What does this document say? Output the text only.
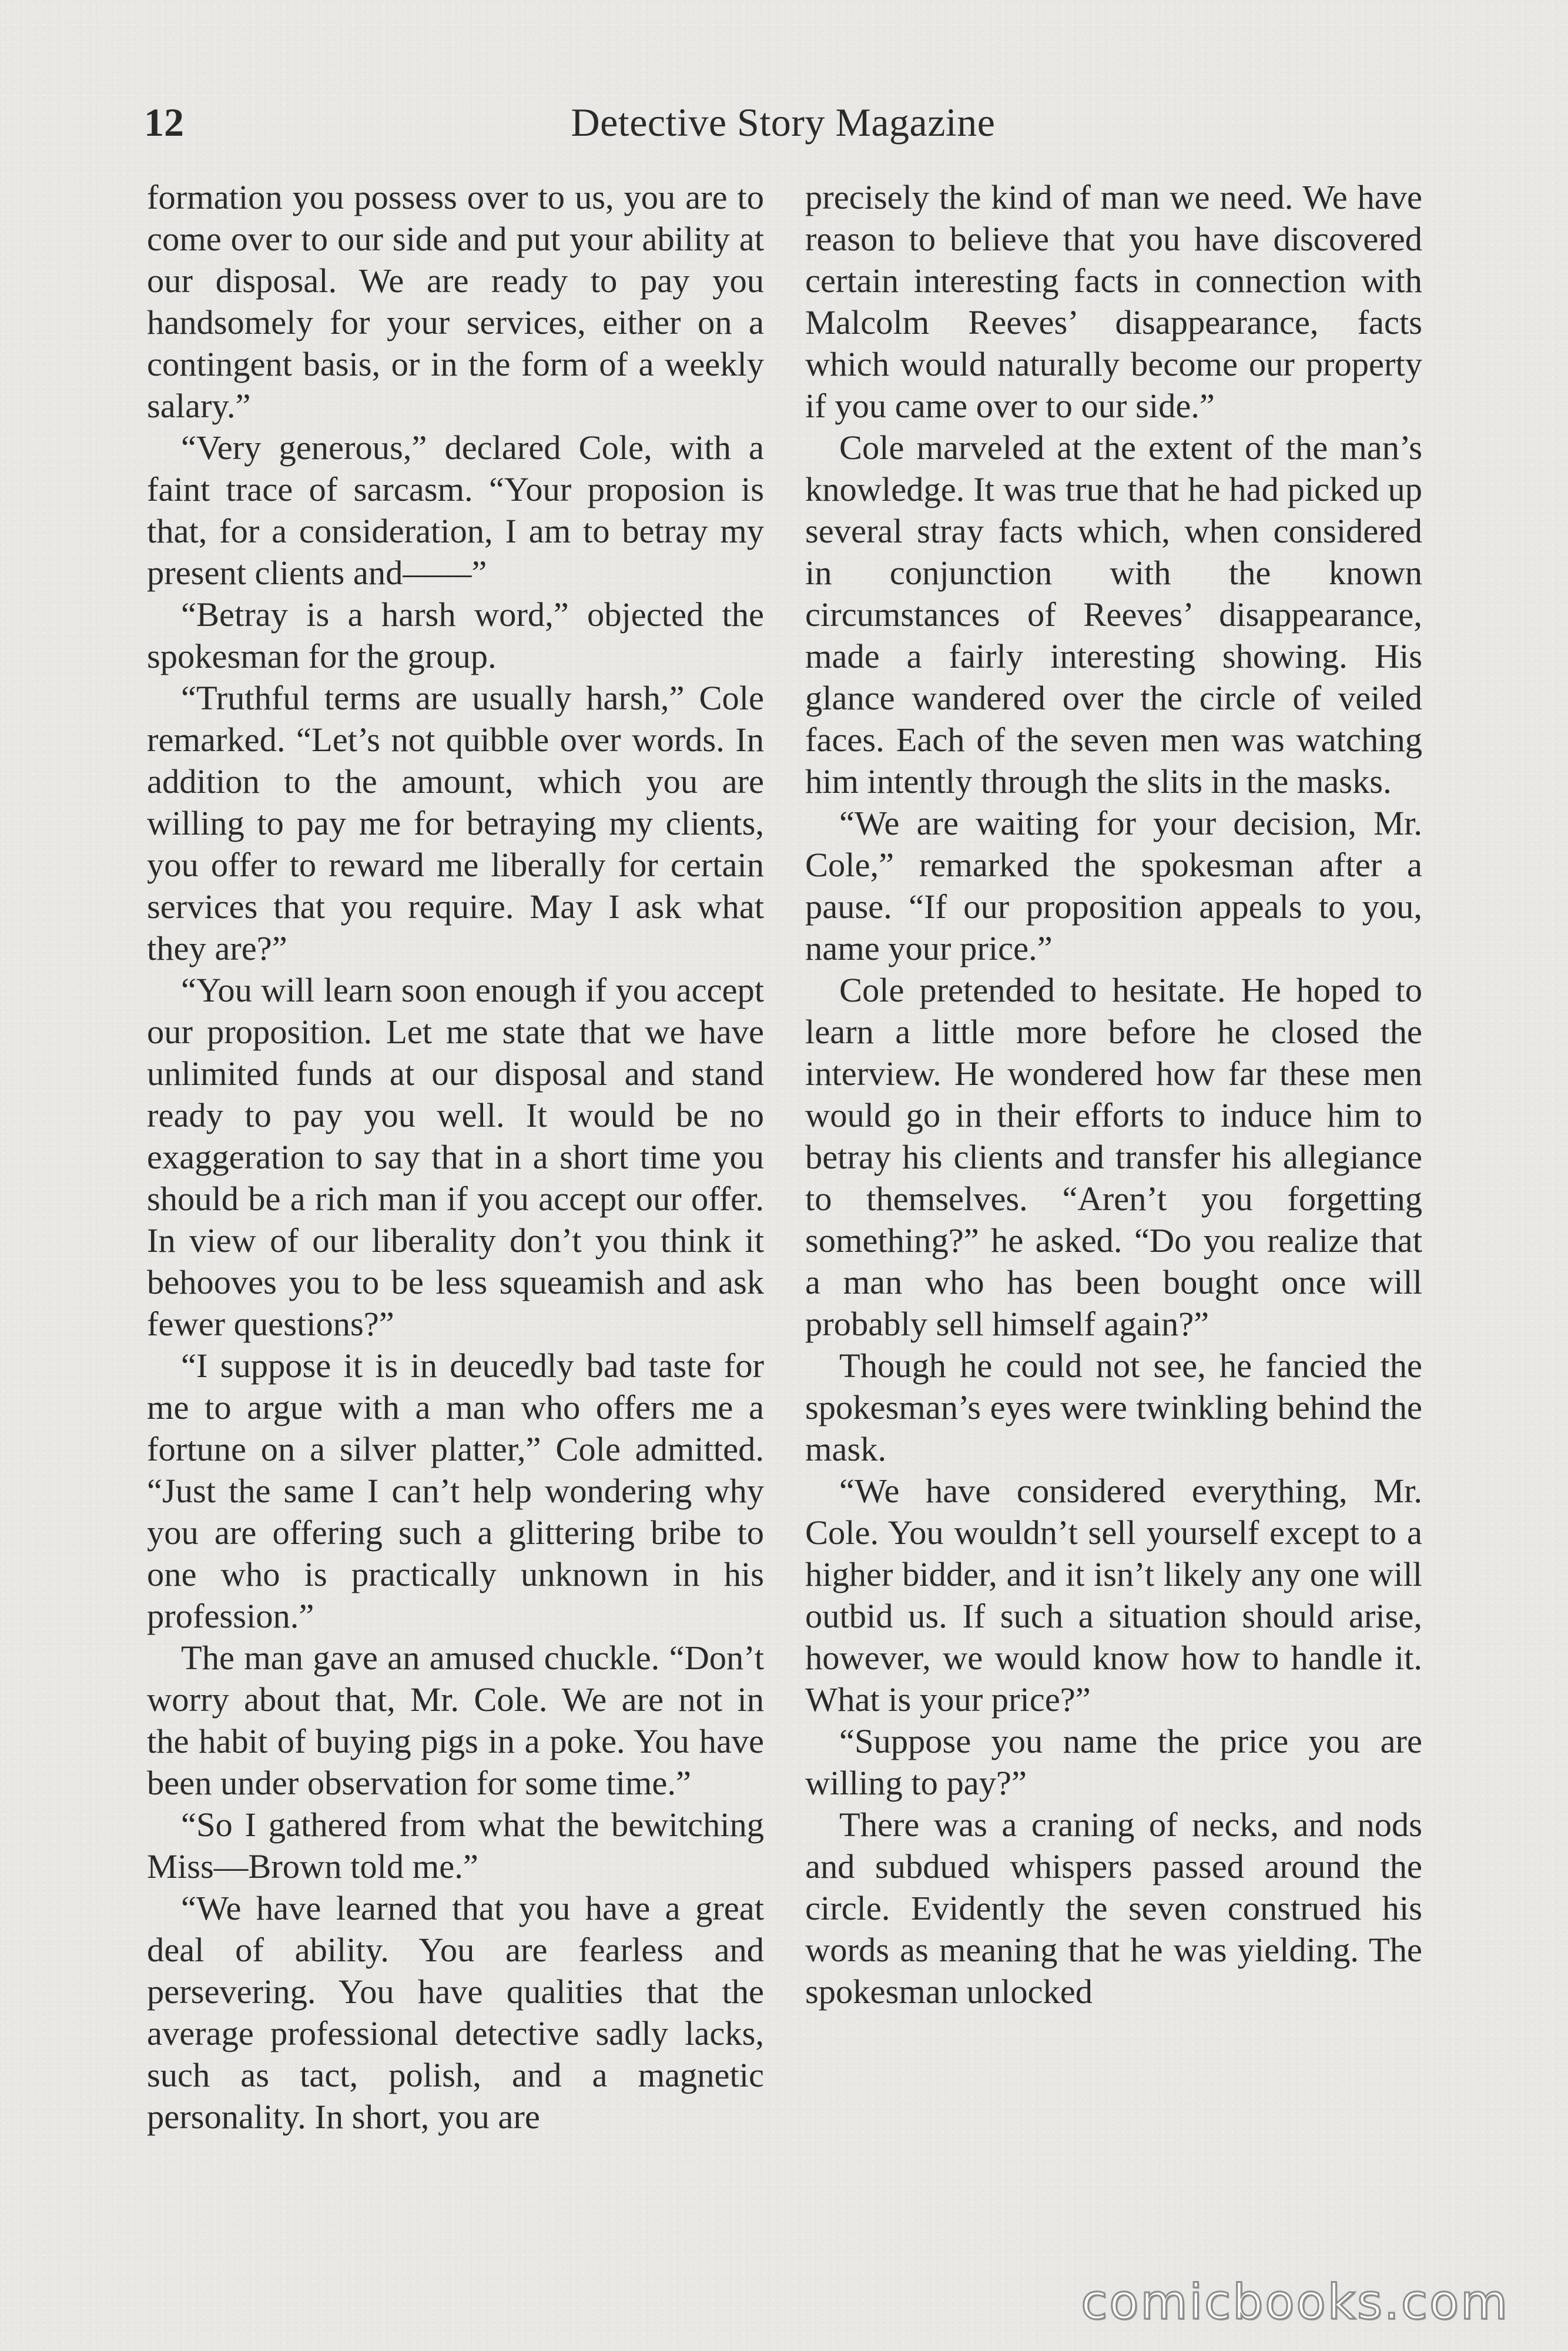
12	Detective Story Magazine

formation you possess over to us, you are to come over to our side and put your ability at our disposal. We are ready to pay you handsomely for your services, either on a contingent basis, or in the form of a weekly salary.”

“Very generous,” declared Cole, with a faint trace of sarcasm. “Your proposion is that, for a consideration, I am to betray my present clients and——”

“Betray is a harsh word,” objected the spokesman for the group.

“Truthful terms are usually harsh,” Cole remarked. “Let’s not quibble over words. In addition to the amount, which you are willing to pay me for betraying my clients, you offer to reward me liberally for certain services that you require. May I ask what they are?”

“You will learn soon enough if you accept our proposition. Let me state that we have unlimited funds at our disposal and stand ready to pay you well. It would be no exaggeration to say that in a short time you should be a rich man if you accept our offer. In view of our liberality don’t you think it behooves you to be less squeamish and ask fewer questions?”

“I suppose it is in deucedly bad taste for me to argue with a man who offers me a fortune on a silver platter,” Cole admitted. “Just the same I can’t help wondering why you are offering such a glittering bribe to one who is practically unknown in his profession.”

The man gave an amused chuckle. “Don’t worry about that, Mr. Cole. We are not in the habit of buying pigs in a poke. You have been under observation for some time.”

“So I gathered from what the bewitching Miss—Brown told me.”

“We have learned that you have a great deal of ability. You are fearless and persevering. You have qualities that the average professional detective sadly lacks, such as tact, polish, and a magnetic personality. In short, you are

precisely the kind of man we need. We have reason to believe that you have discovered certain interesting facts in connection with Malcolm Reeves’ disappearance, facts which would naturally become our property if you came over to our side.”

Cole marveled at the extent of the man’s knowledge. It was true that he had picked up several stray facts which, when considered in conjunction with the known circumstances of Reeves’ disappearance, made a fairly interesting showing. His glance wandered over the circle of veiled faces. Each of the seven men was watching him intently through the slits in the masks.

“We are waiting for your decision, Mr. Cole,” remarked the spokesman after a pause. “If our proposition appeals to you, name your price.”

Cole pretended to hesitate. He hoped to learn a little more before he closed the interview. He wondered how far these men would go in their efforts to induce him to betray his clients and transfer his allegiance to themselves. “Aren’t you forgetting something?” he asked. “Do you realize that a man who has been bought once will probably sell himself again?”

Though he could not see, he fancied the spokesman’s eyes were twinkling behind the mask.

“We have considered everything, Mr. Cole. You wouldn’t sell yourself except to a higher bidder, and it isn’t likely any one will outbid us. If such a situation should arise, however, we would know how to handle it. What is your price?”

“Suppose you name the price you are willing to pay?”

There was a craning of necks, and nods and subdued whispers passed around the circle. Evidently the seven construed his words as meaning that he was yielding. The spokesman unlocked

comicbooks.com
